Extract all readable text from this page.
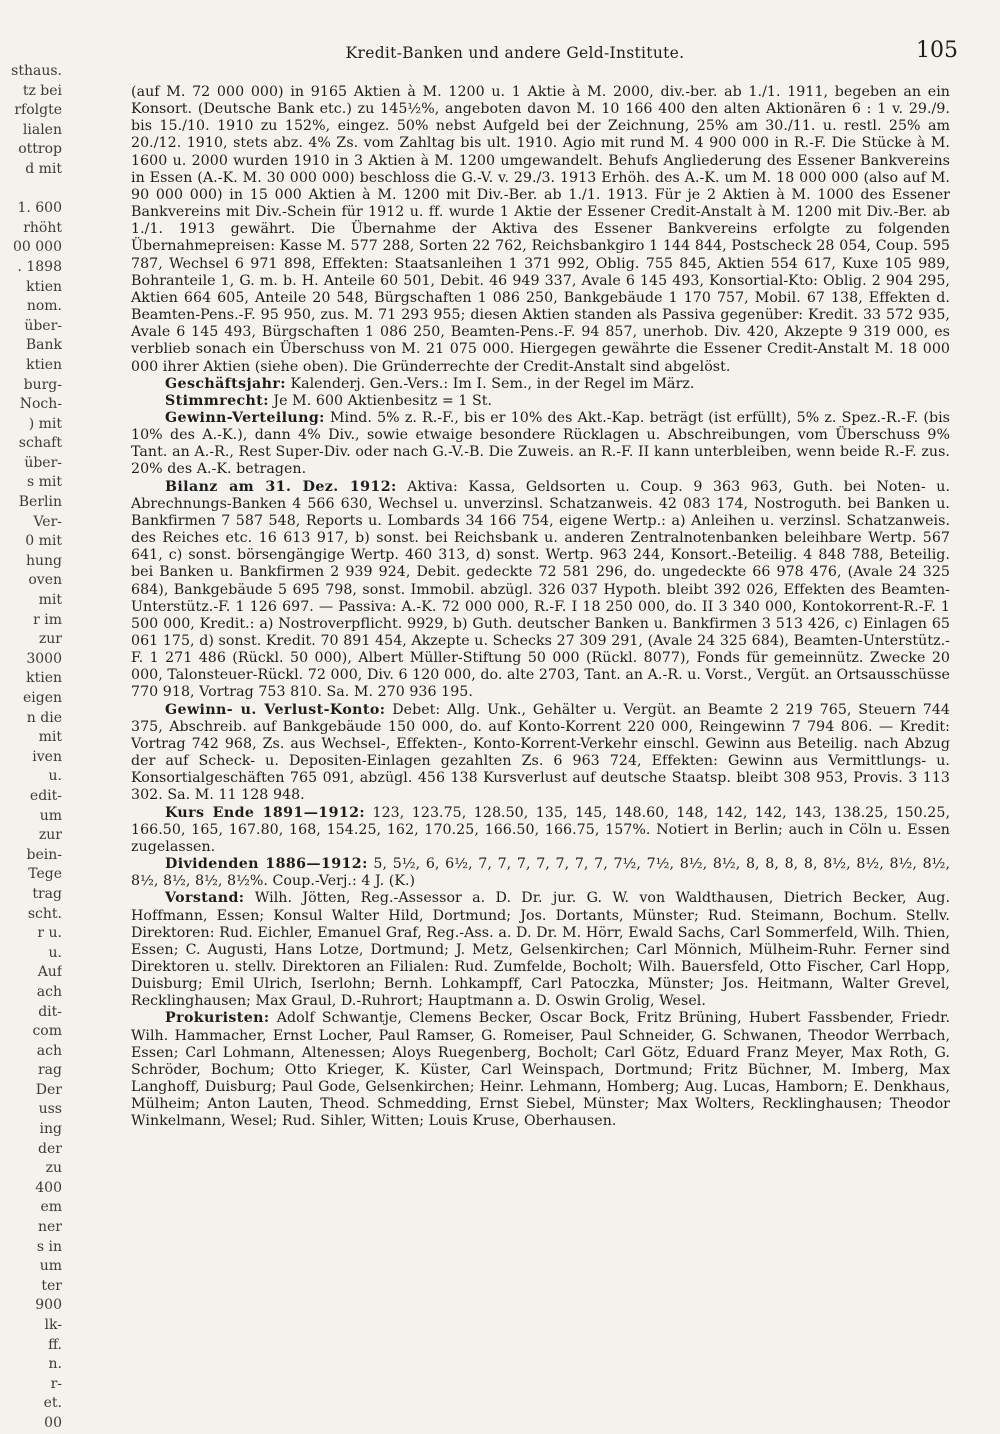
sthaus.
tz bei
rfolgte
lialen
ottrop
d mit
1. 600
rhöht
00 000
. 1898
ktien
nom.
über-
Bank
ktien
burg-
Noch-
) mit
schaft
über-
s mit
Berlin
Ver-
0 mit
hung
oven
mit
r im
zur
3000
ktien
eigen
n die
mit
iven
u.
edit-
um
zur
bein-
Tege
trag
scht.
r u.
u.
Auf
ach
dit-
com
ach
rag
Der
uss
ing
der
zu
400
em
ner
s in
um
ter
900
lk-
ff.
n.
r-
et.
00
Kredit-Banken und andere Geld-Institute.	105

(auf M. 72 000 000) in 9165 Aktien à M. 1200 u. 1 Aktie à M. 2000, div.-ber. ab 1./1. 1911, begeben an ein Konsort. (Deutsche Bank etc.) zu 145½%, angeboten davon M. 10 166 400 den alten Aktionären 6 : 1 v. 29./9. bis 15./10. 1910 zu 152%, eingez. 50% nebst Aufgeld bei der Zeichnung, 25% am 30./11. u. restl. 25% am 20./12. 1910, stets abz. 4% Zs. vom Zahltag bis ult. 1910. Agio mit rund M. 4 900 000 in R.-F. Die Stücke à M. 1600 u. 2000 wurden 1910 in 3 Aktien à M. 1200 umgewandelt. Behufs Angliederung des Essener Bankvereins in Essen (A.-K. M. 30 000 000) beschloss die G.-V. v. 29./3. 1913 Erhöh. des A.-K. um M. 18 000 000 (also auf M. 90 000 000) in 15 000 Aktien à M. 1200 mit Div.-Ber. ab 1./1. 1913. Für je 2 Aktien à M. 1000 des Essener Bankvereins mit Div.-Schein für 1912 u. ff. wurde 1 Aktie der Essener Credit-Anstalt à M. 1200 mit Div.-Ber. ab 1./1. 1913 gewährt. Die Übernahme der Aktiva des Essener Bankvereins erfolgte zu folgenden Übernahmepreisen: Kasse M. 577 288, Sorten 22 762, Reichsbankgiro 1 144 844, Postscheck 28 054, Coup. 595 787, Wechsel 6 971 898, Effekten: Staatsanleihen 1 371 992, Oblig. 755 845, Aktien 554 617, Kuxe 105 989, Bohranteile 1, G. m. b. H. Anteile 60 501, Debit. 46 949 337, Avale 6 145 493, Konsortial-Kto: Oblig. 2 904 295, Aktien 664 605, Anteile 20 548, Bürgschaften 1 086 250, Bankgebäude 1 170 757, Mobil. 67 138, Effekten d. Beamten-Pens.-F. 95 950, zus. M. 71 293 955; diesen Aktien standen als Passiva gegenüber: Kredit. 33 572 935, Avale 6 145 493, Bürgschaften 1 086 250, Beamten-Pens.-F. 94 857, unerhob. Div. 420, Akzepte 9 319 000, es verblieb sonach ein Überschuss von M. 21 075 000. Hiergegen gewährte die Essener Credit-Anstalt M. 18 000 000 ihrer Aktien (siehe oben). Die Gründerrechte der Credit-Anstalt sind abgelöst.

Geschäftsjahr: Kalenderj. Gen.-Vers.: Im I. Sem., in der Regel im März.

Stimmrecht: Je M. 600 Aktienbesitz = 1 St.

Gewinn-Verteilung: Mind. 5% z. R.-F., bis er 10% des Akt.-Kap. beträgt (ist erfüllt), 5% z. Spez.-R.-F. (bis 10% des A.-K.), dann 4% Div., sowie etwaige besondere Rücklagen u. Abschreibungen, vom Überschuss 9% Tant. an A.-R., Rest Super-Div. oder nach G.-V.-B. Die Zuweis. an R.-F. II kann unterbleiben, wenn beide R.-F. zus. 20% des A.-K. betragen.

Bilanz am 31. Dez. 1912: Aktiva: Kassa, Geldsorten u. Coup. 9 363 963, Guth. bei Noten- u. Abrechnungs-Banken 4 566 630, Wechsel u. unverzinsl. Schatzanweis. 42 083 174, Nostroguth. bei Banken u. Bankfirmen 7 587 548, Reports u. Lombards 34 166 754, eigene Wertp.: a) Anleihen u. verzinsl. Schatzanweis. des Reiches etc. 16 613 917, b) sonst. bei Reichsbank u. anderen Zentralnotenbanken beleihbare Wertp. 567 641, c) sonst. börsengängige Wertp. 460 313, d) sonst. Wertp. 963 244, Konsort.-Beteilig. 4 848 788, Beteilig. bei Banken u. Bankfirmen 2 939 924, Debit. gedeckte 72 581 296, do. ungedeckte 66 978 476, (Avale 24 325 684), Bankgebäude 5 695 798, sonst. Immobil. abzügl. 326 037 Hypoth. bleibt 392 026, Effekten des Beamten-Unterstütz.-F. 1 126 697. — Passiva: A.-K. 72 000 000, R.-F. I 18 250 000, do. II 3 340 000, Kontokorrent-R.-F. 1 500 000, Kredit.: a) Nostroverpflicht. 9929, b) Guth. deutscher Banken u. Bankfirmen 3 513 426, c) Einlagen 65 061 175, d) sonst. Kredit. 70 891 454, Akzepte u. Schecks 27 309 291, (Avale 24 325 684), Beamten-Unterstütz.-F. 1 271 486 (Rückl. 50 000), Albert Müller-Stiftung 50 000 (Rückl. 8077), Fonds für gemeinnütz. Zwecke 20 000, Talonsteuer-Rückl. 72 000, Div. 6 120 000, do. alte 2703, Tant. an A.-R. u. Vorst., Vergüt. an Ortsausschüsse 770 918, Vortrag 753 810. Sa. M. 270 936 195.

Gewinn- u. Verlust-Konto: Debet: Allg. Unk., Gehälter u. Vergüt. an Beamte 2 219 765, Steuern 744 375, Abschreib. auf Bankgebäude 150 000, do. auf Konto-Korrent 220 000, Reingewinn 7 794 806. — Kredit: Vortrag 742 968, Zs. aus Wechsel-, Effekten-, Konto-Korrent-Verkehr einschl. Gewinn aus Beteilig. nach Abzug der auf Scheck- u. Depositen-Einlagen gezahlten Zs. 6 963 724, Effekten: Gewinn aus Vermittlungs- u. Konsortialgeschäften 765 091, abzügl. 456 138 Kursverlust auf deutsche Staatsp. bleibt 308 953, Provis. 3 113 302. Sa. M. 11 128 948.

Kurs Ende 1891—1912: 123, 123.75, 128.50, 135, 145, 148.60, 148, 142, 142, 143, 138.25, 150.25, 166.50, 165, 167.80, 168, 154.25, 162, 170.25, 166.50, 166.75, 157%. Notiert in Berlin; auch in Cöln u. Essen zugelassen.

Dividenden 1886—1912: 5, 5½, 6, 6½, 7, 7, 7, 7, 7, 7, 7, 7½, 7½, 8½, 8½, 8, 8, 8, 8, 8½, 8½, 8½, 8½, 8½, 8½, 8½, 8½%. Coup.-Verj.: 4 J. (K.)

Vorstand: Wilh. Jötten, Reg.-Assessor a. D. Dr. jur. G. W. von Waldthausen, Dietrich Becker, Aug. Hoffmann, Essen; Konsul Walter Hild, Dortmund; Jos. Dortants, Münster; Rud. Steimann, Bochum. Stellv. Direktoren: Rud. Eichler, Emanuel Graf, Reg.-Ass. a. D. Dr. M. Hörr, Ewald Sachs, Carl Sommerfeld, Wilh. Thien, Essen; C. Augusti, Hans Lotze, Dortmund; J. Metz, Gelsenkirchen; Carl Mönnich, Mülheim-Ruhr. Ferner sind Direktoren u. stellv. Direktoren an Filialen: Rud. Zumfelde, Bocholt; Wilh. Bauersfeld, Otto Fischer, Carl Hopp, Duisburg; Emil Ulrich, Iserlohn; Bernh. Lohkampff, Carl Patoczka, Münster; Jos. Heitmann, Walter Grevel, Recklinghausen; Max Graul, D.-Ruhrort; Hauptmann a. D. Oswin Grolig, Wesel.

Prokuristen: Adolf Schwantje, Clemens Becker, Oscar Bock, Fritz Brüning, Hubert Fassbender, Friedr. Wilh. Hammacher, Ernst Locher, Paul Ramser, G. Romeiser, Paul Schneider, G. Schwanen, Theodor Werrbach, Essen; Carl Lohmann, Altenessen; Aloys Ruegenberg, Bocholt; Carl Götz, Eduard Franz Meyer, Max Roth, G. Schröder, Bochum; Otto Krieger, K. Küster, Carl Weinspach, Dortmund; Fritz Büchner, M. Imberg, Max Langhoff, Duisburg; Paul Gode, Gelsenkirchen; Heinr. Lehmann, Homberg; Aug. Lucas, Hamborn; E. Denkhaus, Mülheim; Anton Lauten, Theod. Schmedding, Ernst Siebel, Münster; Max Wolters, Recklinghausen; Theodor Winkelmann, Wesel; Rud. Sihler, Witten; Louis Kruse, Oberhausen.
